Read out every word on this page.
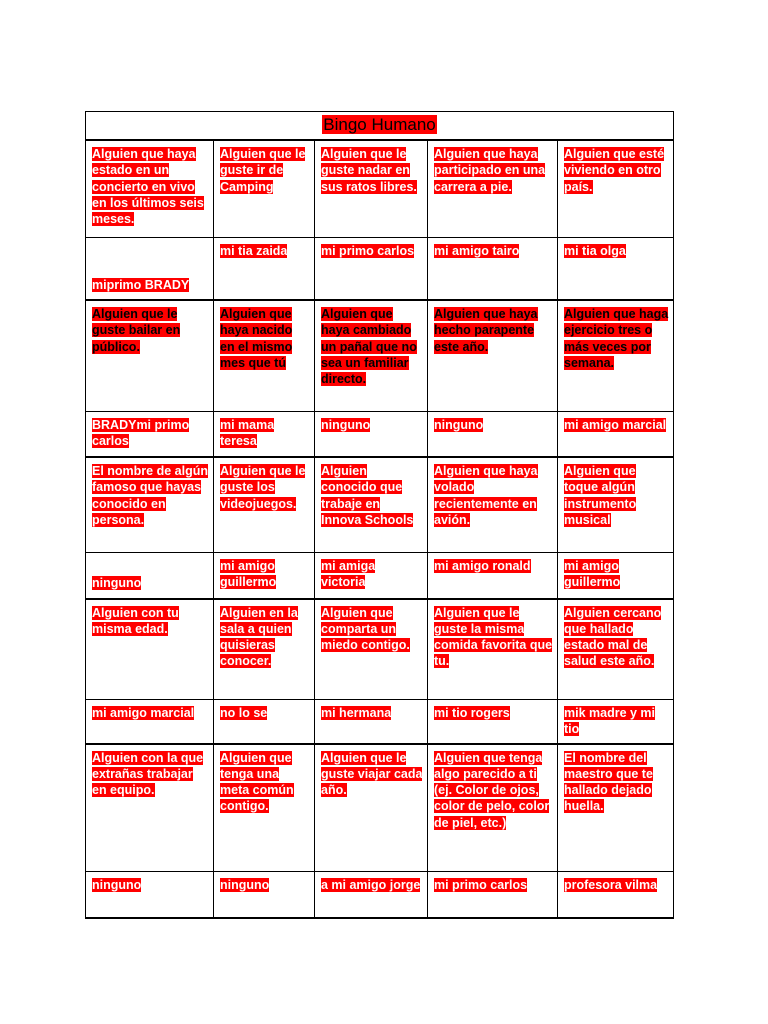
Bingo Humano				
Alguien que haya estado en un concierto en vivo en los últimos seis meses.	Alguien que le guste ir de Camping	Alguien que le guste nadar en sus ratos libres.	Alguien que haya participado en una carrera a pie.	Alguien que esté viviendo en otro país.
miprimo BRADY	mi tia zaida	mi primo carlos	mi amigo tairo	mi tia olga
Alguien que le guste bailar en público.	Alguien que haya nacido en el mismo mes que tú	Alguien que haya cambiado un pañal que no sea un familiar directo.	Alguien que haya hecho parapente este año.	Alguien que haga ejercicio tres o más veces por semana.
BRADYmi primo carlos	mi mama teresa	ninguno	ninguno	mi amigo marcial
El nombre de algún famoso que hayas conocido en persona.	Alguien que le guste los videojuegos.	Alguien conocido que trabaje en Innova Schools	Alguien que haya volado recientemente en avión.	Alguien que toque algún instrumento musical
ninguno	mi amigo guillermo	mi amiga victoria	mi amigo ronald	mi amigo guillermo
Alguien con tu misma edad.	Alguien en la sala a quien quisieras conocer.	Alguien que comparta un miedo contigo.	Alguien que le guste la misma comida favorita que tu.	Alguien cercano que hallado estado mal de salud este año.
mi amigo marcial	no lo se	mi hermana	mi tio rogers	mik madre y mi tio
Alguien con la que extrañas trabajar en equipo.	Alguien que tenga una meta común contigo.	Alguien que le guste viajar cada año.	Alguien que tenga algo parecido a ti (ej. Color de ojos, color de pelo, color de piel, etc.)	El nombre del maestro que te hallado dejado huella.
ninguno	ninguno	a mi amigo jorge	mi primo carlos	profesora vilma
